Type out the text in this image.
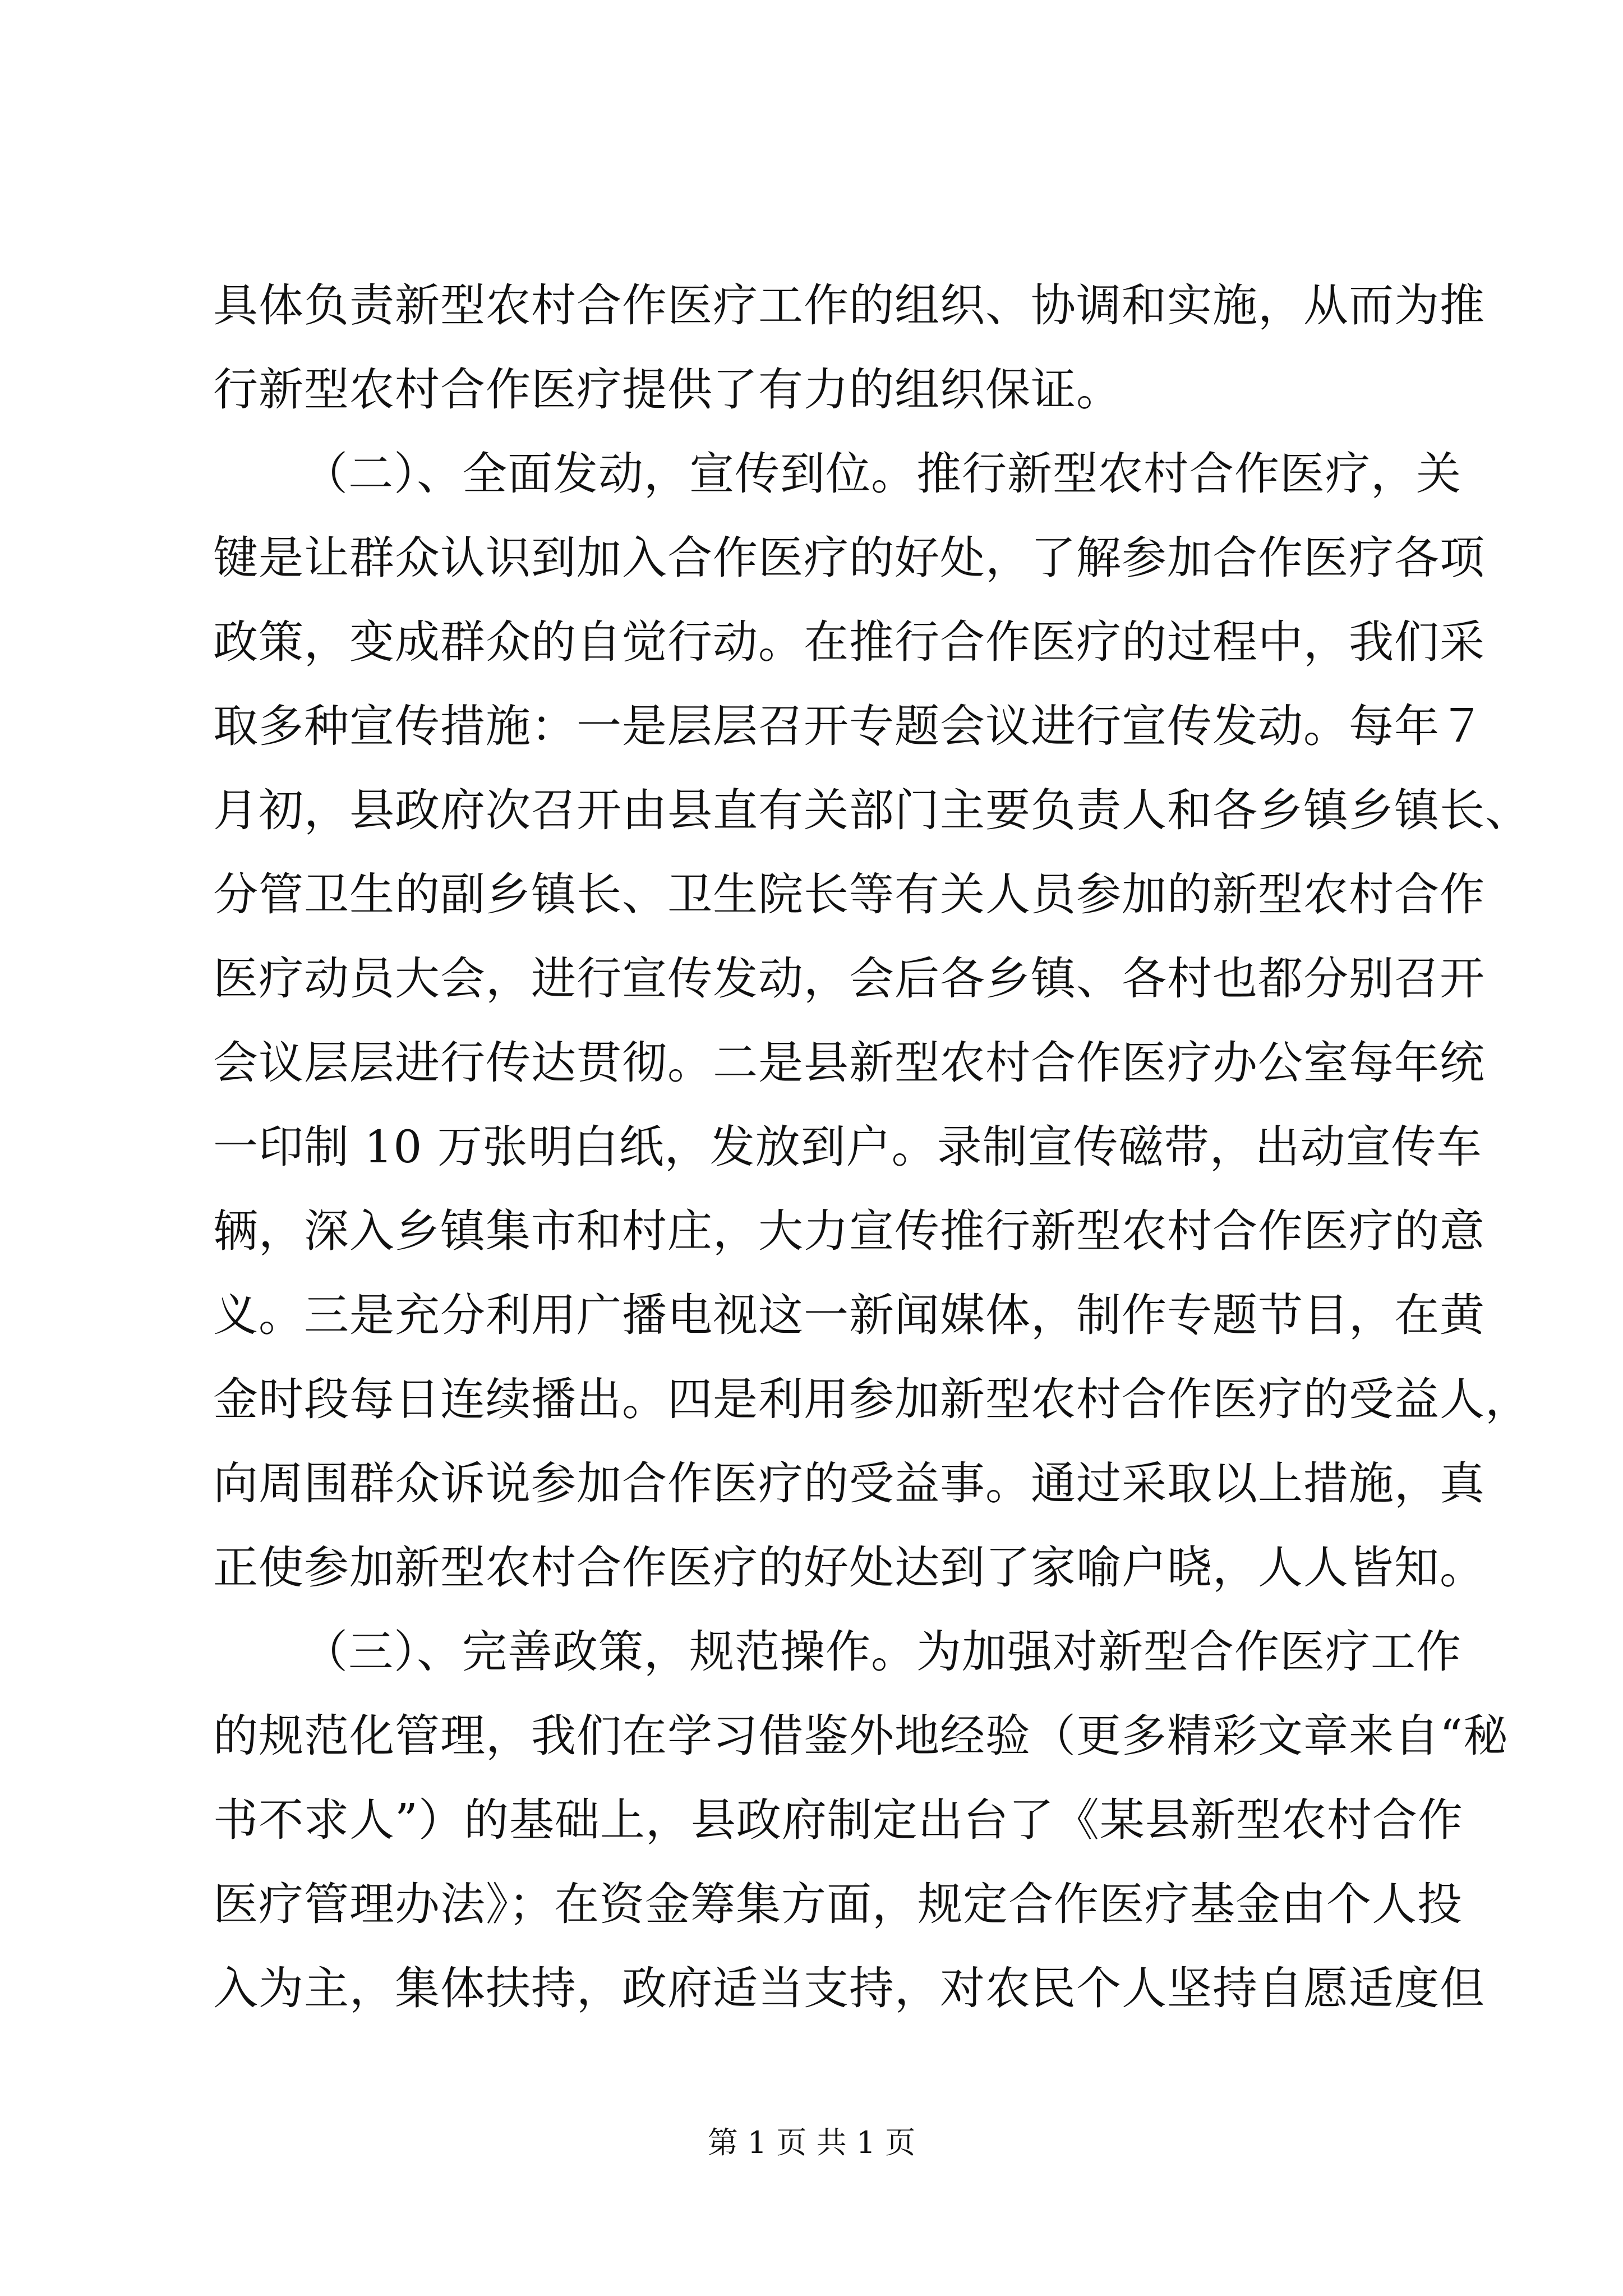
具体负责新型农村合作医疗工作的组织、协调和实施，从而为推
行新型农村合作医疗提供了有力的组织保证。
（二）、全面发动，宣传到位。推行新型农村合作医疗，关
键是让群众认识到加入合作医疗的好处，了解参加合作医疗各项
政策，变成群众的自觉行动。在推行合作医疗的过程中，我们采
取多种宣传措施：一是层层召开专题会议进行宣传发动。每年７
月初，县政府次召开由县直有关部门主要负责人和各乡镇乡镇长、
分管卫生的副乡镇长、卫生院长等有关人员参加的新型农村合作
医疗动员大会，进行宣传发动，会后各乡镇、各村也都分别召开
会议层层进行传达贯彻。二是县新型农村合作医疗办公室每年统
一印制 10 万张明白纸，发放到户。录制宣传磁带，出动宣传车
辆，深入乡镇集市和村庄，大力宣传推行新型农村合作医疗的意
义。三是充分利用广播电视这一新闻媒体，制作专题节目，在黄
金时段每日连续播出。四是利用参加新型农村合作医疗的受益人，
向周围群众诉说参加合作医疗的受益事。通过采取以上措施，真
正使参加新型农村合作医疗的好处达到了家喻户晓，人人皆知。
（三）、完善政策，规范操作。为加强对新型合作医疗工作
的规范化管理，我们在学习借鉴外地经验（更多精彩文章来自“秘
书不求人”）的基础上，县政府制定出台了《某县新型农村合作
医疗管理办法》；在资金筹集方面，规定合作医疗基金由个人投
入为主，集体扶持，政府适当支持，对农民个人坚持自愿适度但
第 1 页 共 1 页
